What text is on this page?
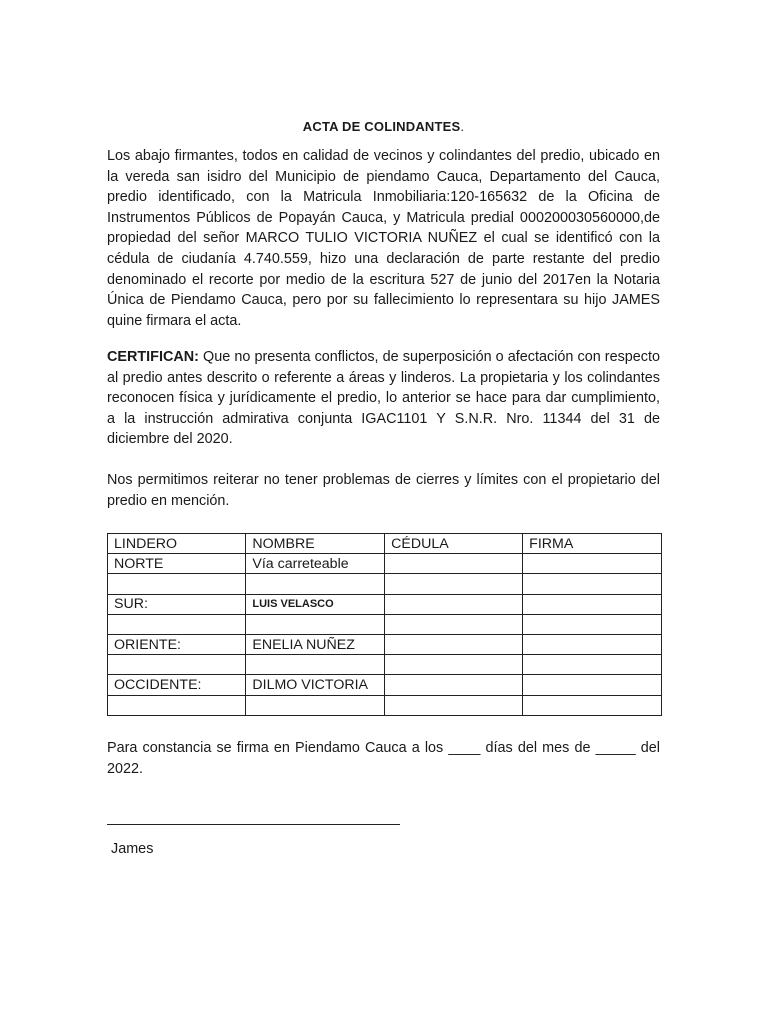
ACTA DE COLINDANTES.
Los abajo firmantes, todos en calidad de vecinos y colindantes del predio, ubicado en la vereda san isidro del Municipio de piendamo Cauca, Departamento del Cauca, predio identificado, con la Matricula Inmobiliaria:120-165632 de la Oficina de Instrumentos Públicos de Popayán Cauca, y Matricula predial 000200030560000,de propiedad del señor MARCO TULIO VICTORIA NUÑEZ el cual se identificó con la cédula de ciudanía 4.740.559, hizo una declaración de parte restante del predio denominado el recorte por medio de la escritura 527 de junio del 2017en la Notaria Única de Piendamo Cauca, pero por su fallecimiento lo representara su hijo JAMES quine firmara el acta.
CERTIFICAN: Que no presenta conflictos, de superposición o afectación con respecto al predio antes descrito o referente a áreas y linderos. La propietaria y los colindantes reconocen física y jurídicamente el predio, lo anterior se hace para dar cumplimiento, a la instrucción admirativa conjunta IGAC1101 Y S.N.R. Nro. 11344 del 31 de diciembre del 2020.
Nos permitimos reiterar no tener problemas de cierres y límites con el propietario del predio en mención.
LINDERO	NOMBRE	CÉDULA	FIRMA
NORTE	Vía carreteable		

SUR:	LUIS VELASCO		

ORIENTE:	ENELIA NUÑEZ		

OCCIDENTE:	DILMO VICTORIA		

Para constancia se firma en Piendamo Cauca a los ____ días del mes de _____ del 2022.
James
